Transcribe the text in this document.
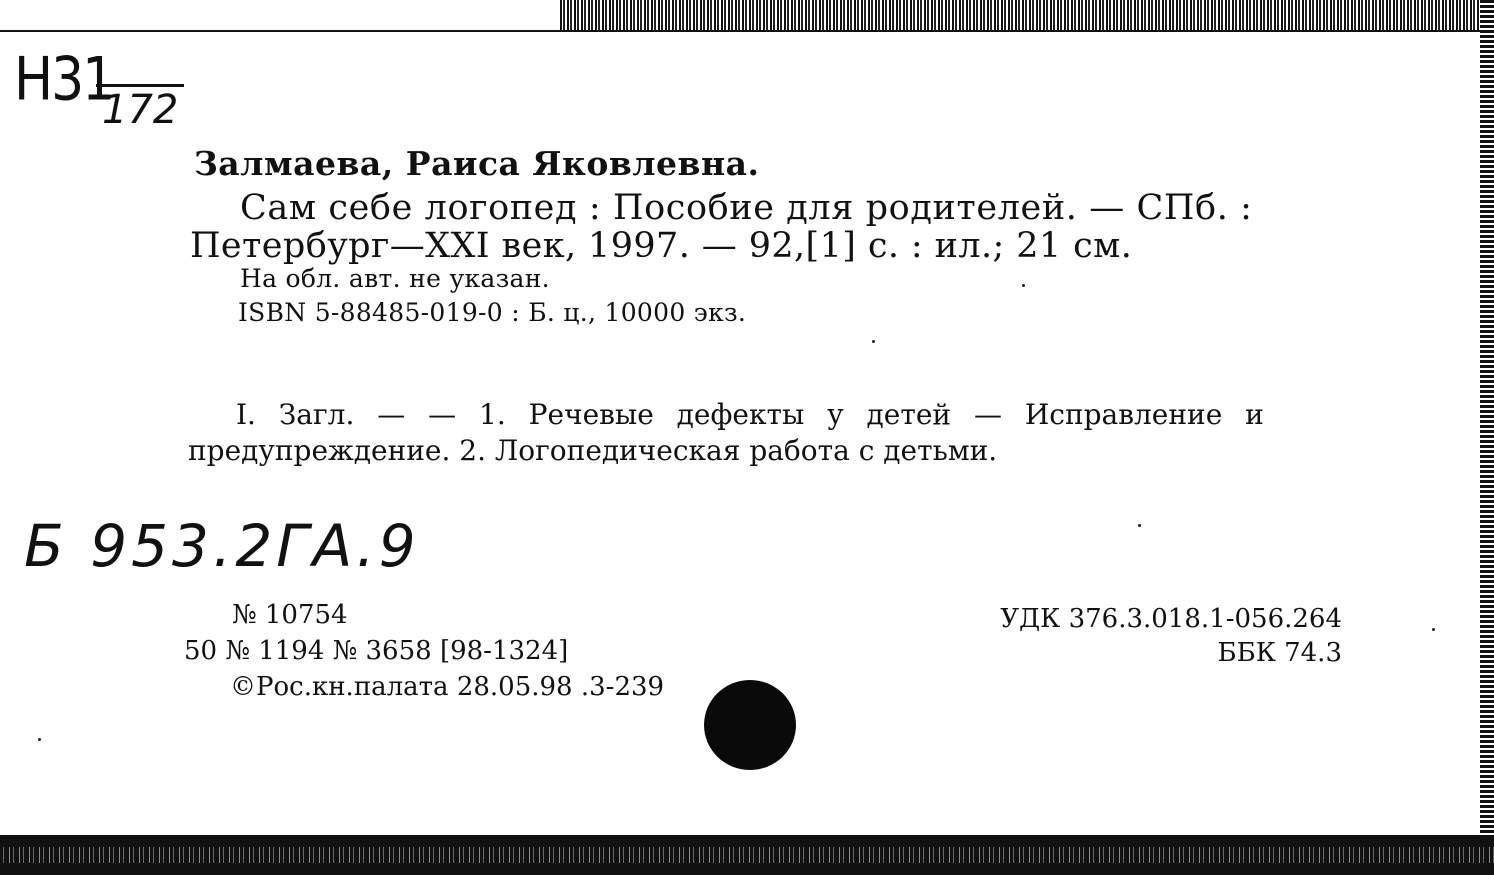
Н31
172
Б 953.2ГА.9
Залмаева, Раиса Яковлевна.
Сам себе логопед : Пособие для родителей. — СПб. :
Петербург—XXI век, 1997. — 92,[1] с. : ил.; 21 см.
На обл. авт. не указан.
ISBN 5-88485-019-0 : Б. ц., 10000 экз.
I. Загл. — — 1. Речевые дефекты у детей — Исправление и
предупреждение. 2. Логопедическая работа с детьми.
№ 10754
50 № 1194 № 3658 [98-1324]
©Рос.кн.палата 28.05.98 .3-239
УДК 376.3.018.1-056.264
ББК 74.3
